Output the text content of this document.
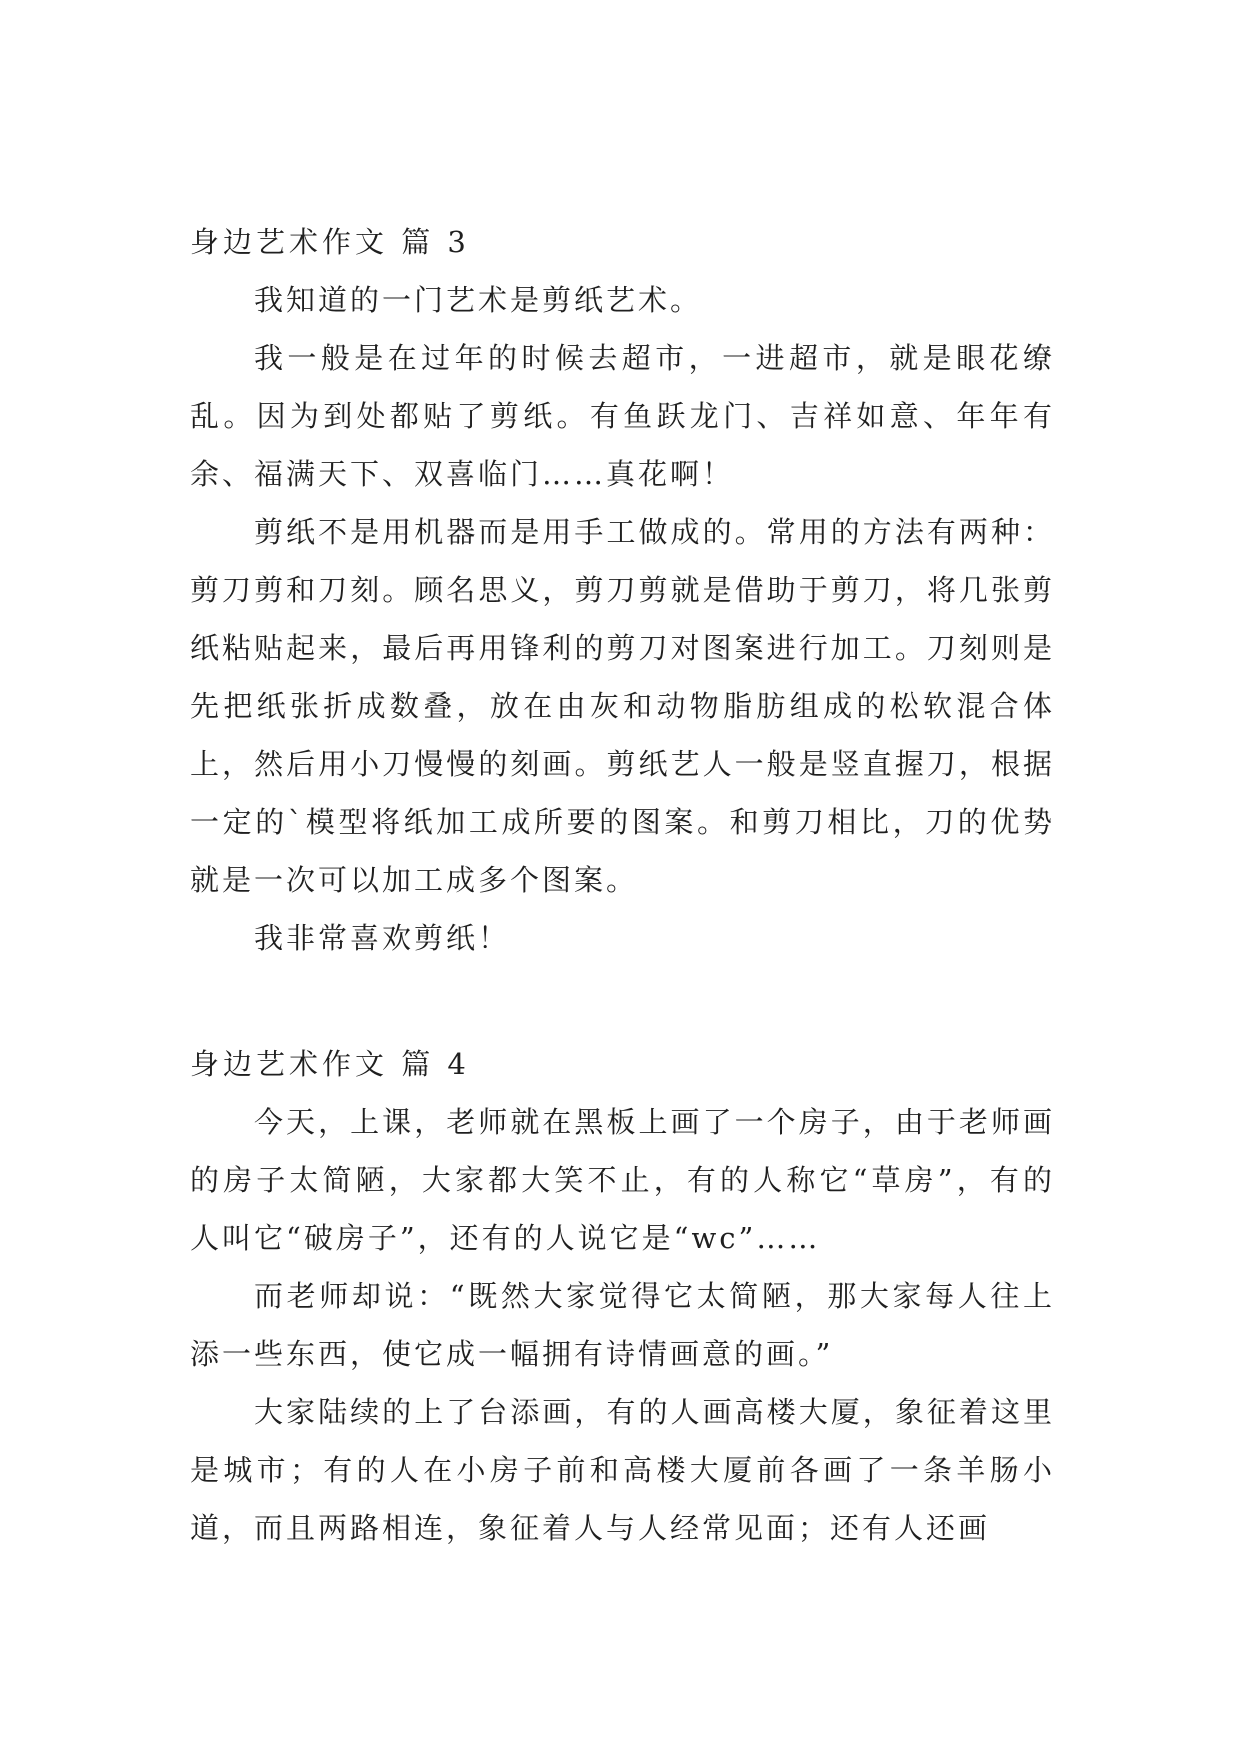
身边艺术作文 篇 3

我知道的一门艺术是剪纸艺术。

我一般是在过年的时候去超市，一进超市，就是眼花缭乱。因为到处都贴了剪纸。有鱼跃龙门、吉祥如意、年年有余、福满天下、双喜临门……真花啊！

剪纸不是用机器而是用手工做成的。常用的方法有两种：剪刀剪和刀刻。顾名思义，剪刀剪就是借助于剪刀，将几张剪纸粘贴起来，最后再用锋利的剪刀对图案进行加工。刀刻则是先把纸张折成数叠，放在由灰和动物脂肪组成的松软混合体上，然后用小刀慢慢的刻画。剪纸艺人一般是竖直握刀，根据一定的`模型将纸加工成所要的图案。和剪刀相比，刀的优势就是一次可以加工成多个图案。

我非常喜欢剪纸！

身边艺术作文 篇 4

今天，上课，老师就在黑板上画了一个房子，由于老师画的房子太简陋，大家都大笑不止，有的人称它“草房”，有的人叫它“破房子”，还有的人说它是“wc”……

而老师却说：“既然大家觉得它太简陋，那大家每人往上添一些东西，使它成一幅拥有诗情画意的画。”

大家陆续的上了台添画，有的人画高楼大厦，象征着这里是城市；有的人在小房子前和高楼大厦前各画了一条羊肠小道，而且两路相连，象征着人与人经常见面；还有人还画
